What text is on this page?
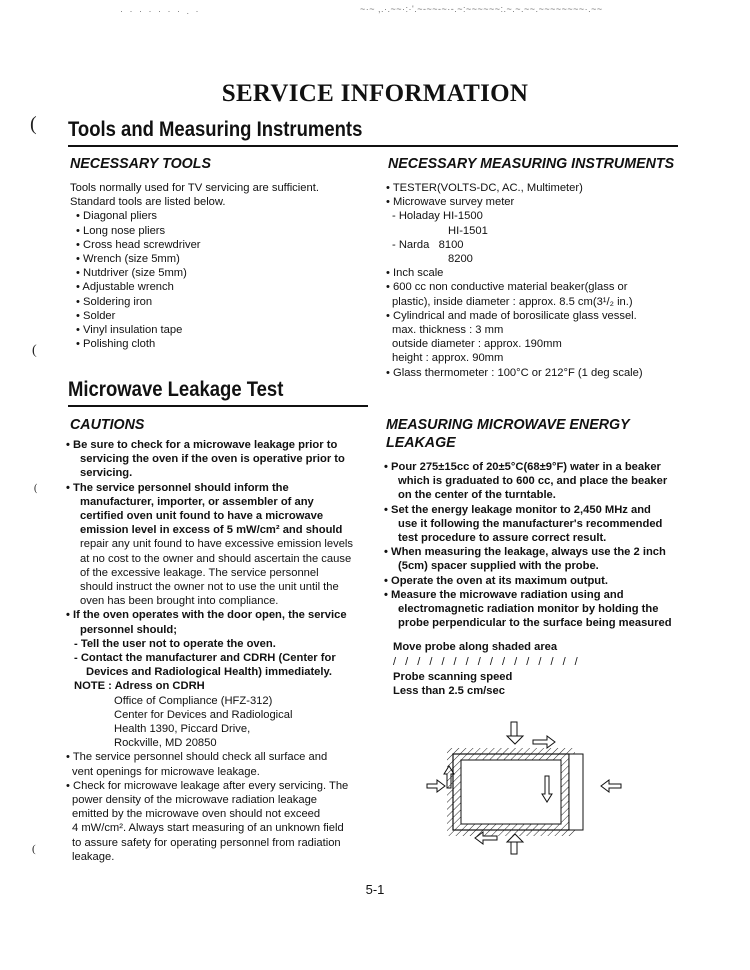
· · · · · · · . ·	~·~ ,.·.~~·:·'.~-~~-~·-.~:~~~~~~:.~.~.~~.~~~~~~~~·.~~
(
(
(
(
SERVICE INFORMATION
Tools and Measuring Instruments
NECESSARY TOOLS
Tools normally used for TV servicing are sufficient.
Standard tools are listed below.
• Diagonal pliers
• Long nose pliers
• Cross head screwdriver
• Wrench (size 5mm)
• Nutdriver (size 5mm)
• Adjustable wrench
• Soldering iron
• Solder
• Vinyl insulation tape
• Polishing cloth
NECESSARY MEASURING INSTRUMENTS
• TESTER(VOLTS-DC, AC., Multimeter)
• Microwave survey meter
- Holaday HI-1500
HI-1501
- Narda   8100
8200
• Inch scale
• 600 cc non conductive material beaker(glass or
plastic), inside diameter : approx. 8.5 cm(3¹/₂ in.)
• Cylindrical and made of borosilicate glass vessel.
max. thickness : 3 mm
outside diameter : approx. 190mm
height : approx. 90mm
• Glass thermometer : 100°C or 212°F (1 deg scale)
Microwave Leakage Test
CAUTIONS
• Be sure to check for a microwave leakage prior to
servicing the oven if the oven is operative prior to
servicing.
• The service personnel should inform the
manufacturer, importer, or assembler of any
certified oven unit found to have a microwave
emission level in excess of 5 mW/cm² and should
repair any unit found to have excessive emission levels
at no cost to the owner and should ascertain the cause
of the excessive leakage. The service personnel
should instruct the owner not to use the unit until the
oven has been brought into compliance.
• If the oven operates with the door open, the service
personnel should;
- Tell the user not to operate the oven.
- Contact the manufacturer and CDRH (Center for
Devices and Radiological Health) immediately.
NOTE : Adress on CDRH
Office of Compliance (HFZ-312)
Center for Devices and Radiological
Health 1390, Piccard Drive,
Rockville, MD 20850
• The service personnel should check all surface and
vent openings for microwave leakage.
• Check for microwave leakage after every servicing. The
power density of the microwave radiation leakage
emitted by the microwave oven should not exceed
4 mW/cm². Always start measuring of an unknown field
to assure safety for operating personnel from radiation
leakage.
MEASURING MICROWAVE ENERGY
LEAKAGE
• Pour 275±15cc of 20±5°C(68±9°F) water in a beaker
which is graduated to 600 cc, and place the beaker
on the center of the turntable.
• Set the energy leakage monitor to 2,450 MHz and
use it following the manufacturer's recommended
test procedure to assure correct result.
• When measuring the leakage, always use the 2 inch
(5cm) spacer supplied with the probe.
• Operate the oven at its maximum output.
• Measure the microwave radiation using and
electromagnetic radiation monitor by holding the
probe perpendicular to the surface being measured
Move probe along shaded area
/ / / / / / / / / / / / / / / /
Probe scanning speed
Less than 2.5 cm/sec
5-1
